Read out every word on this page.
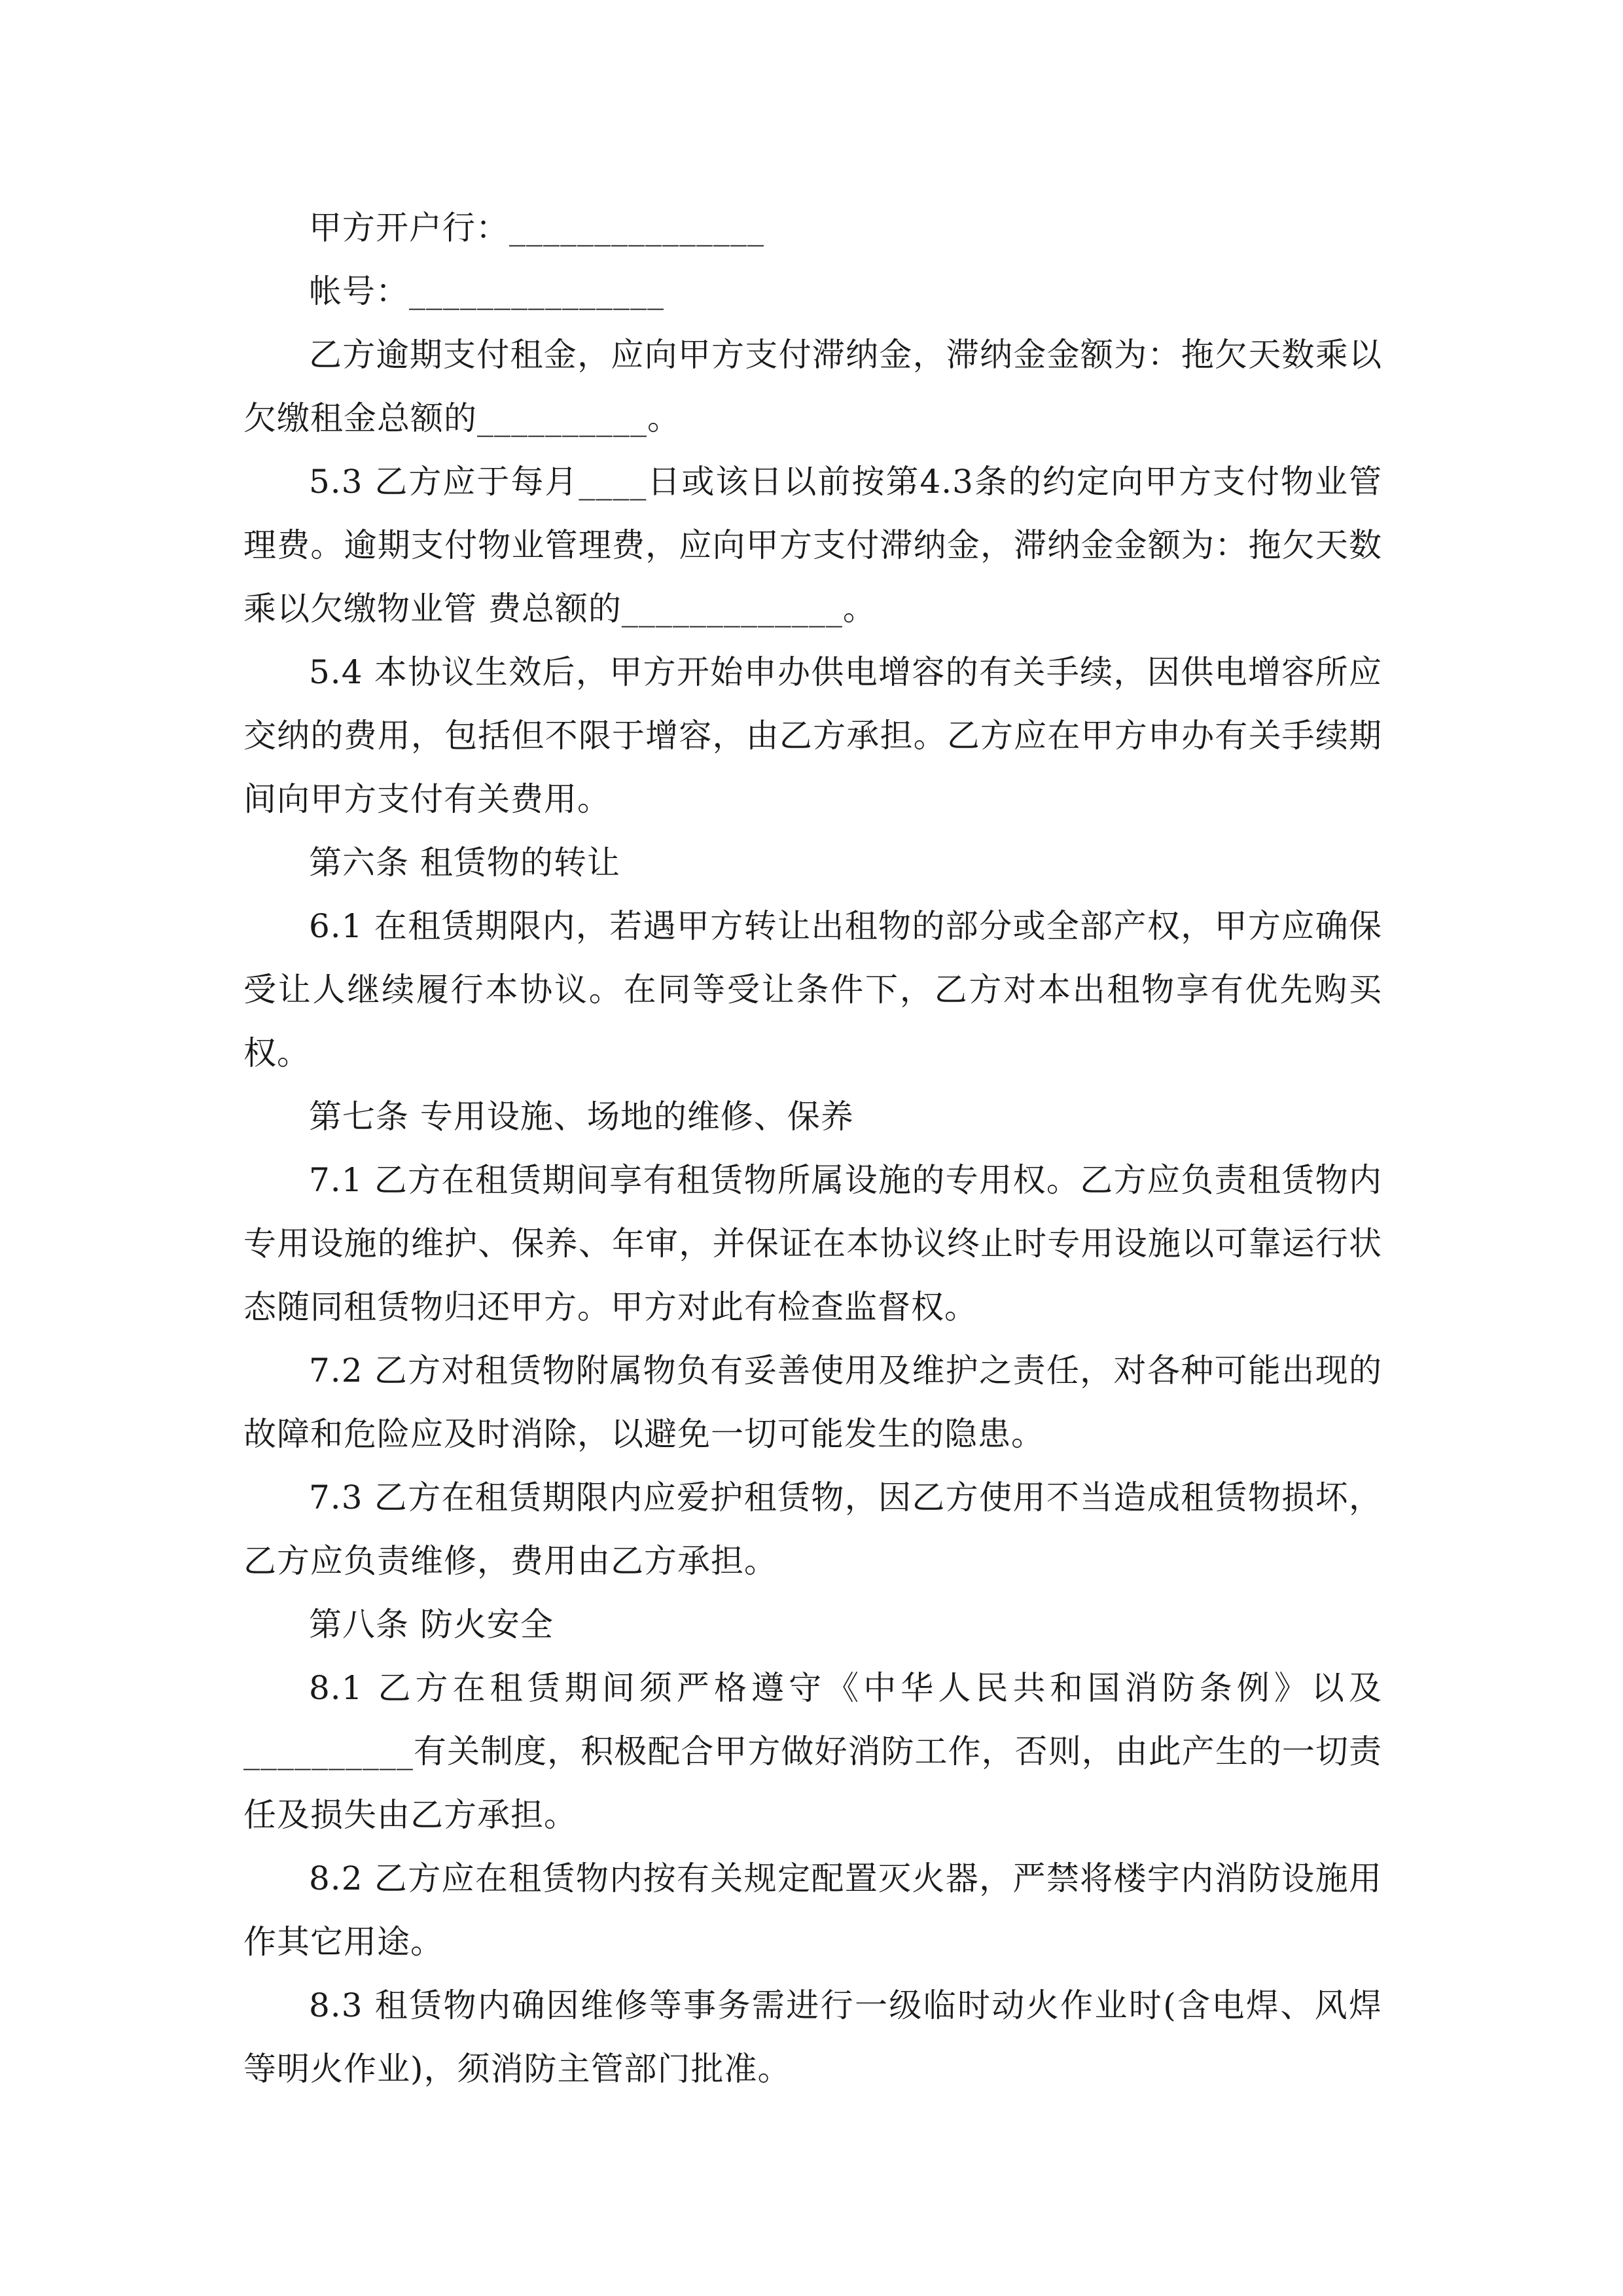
甲方开户行：_______________

帐号：_______________

乙方逾期支付租金，应向甲方支付滞纳金，滞纳金金额为：拖欠天数乘以欠缴租金总额的__________。

5.3 乙方应于每月____日或该日以前按第4.3条的约定向甲方支付物业管理费。逾期支付物业管理费，应向甲方支付滞纳金，滞纳金金额为：拖欠天数乘以欠缴物业管 费总额的_____________。

5.4 本协议生效后，甲方开始申办供电增容的有关手续，因供电增容所应交纳的费用，包括但不限于增容，由乙方承担。乙方应在甲方申办有关手续期间向甲方支付有关费用。

第六条 租赁物的转让

6.1 在租赁期限内，若遇甲方转让出租物的部分或全部产权，甲方应确保受让人继续履行本协议。在同等受让条件下，乙方对本出租物享有优先购买权。

第七条 专用设施、场地的维修、保养

7.1 乙方在租赁期间享有租赁物所属设施的专用权。乙方应负责租赁物内专用设施的维护、保养、年审，并保证在本协议终止时专用设施以可靠运行状态随同租赁物归还甲方。甲方对此有检查监督权。

7.2 乙方对租赁物附属物负有妥善使用及维护之责任，对各种可能出现的故障和危险应及时消除，以避免一切可能发生的隐患。

7.3 乙方在租赁期限内应爱护租赁物，因乙方使用不当造成租赁物损坏，乙方应负责维修，费用由乙方承担。

第八条 防火安全

8.1 乙方在租赁期间须严格遵守《中华人民共和国消防条例》以及__________有关制度，积极配合甲方做好消防工作，否则，由此产生的一切责任及损失由乙方承担。

8.2 乙方应在租赁物内按有关规定配置灭火器，严禁将楼宇内消防设施用作其它用途。

8.3 租赁物内确因维修等事务需进行一级临时动火作业时(含电焊、风焊等明火作业)，须消防主管部门批准。
